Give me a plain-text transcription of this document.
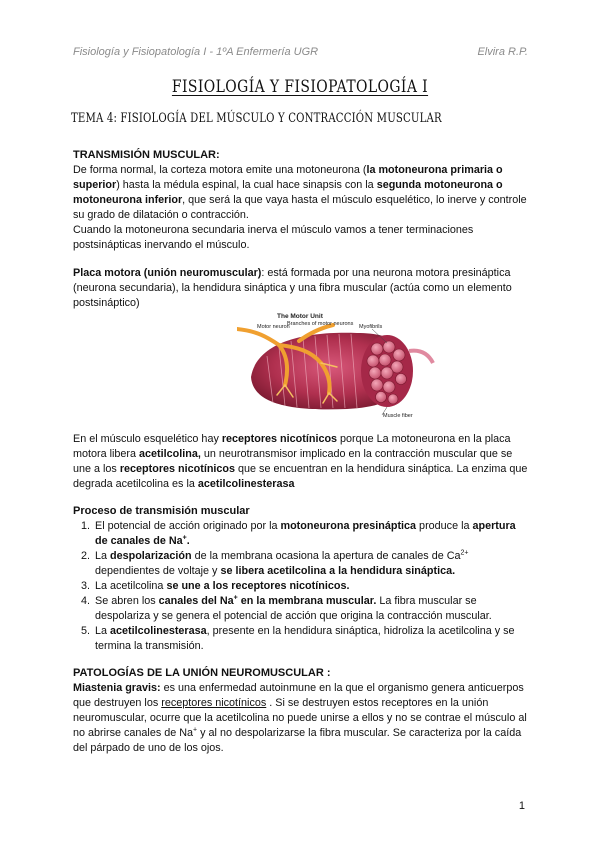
Fisiología y Fisiopatología I - 1ºA Enfermería UGR	Elvira R.P.
FISIOLOGÍA Y FISIOPATOLOGÍA I
TEMA 4: FISIOLOGÍA DEL MÚSCULO Y CONTRACCIÓN MUSCULAR
TRANSMISIÓN MUSCULAR:

De forma normal, la corteza motora emite una motoneurona (la motoneurona primaria o superior) hasta la médula espinal, la cual hace sinapsis con la segunda motoneurona o motoneurona inferior, que será la que vaya hasta el músculo esquelético, lo inerve y controle su grado de dilatación o contracción.

Cuando la motoneurona secundaria inerva el músculo vamos a tener terminaciones postsinápticas inervando el músculo.

Placa motora (unión neuromuscular): está formada por una neurona motora presináptica (neurona secundaria), la hendidura sináptica y una fibra muscular (actúa como un elemento postsináptico)

The Motor Unit
Motor neuron
Branches of motor neurons Myofibrils
Muscle fiber

En el músculo esquelético hay receptores nicotínicos porque La motoneurona en la placa motora libera acetilcolina, un neurotransmisor implicado en la contracción muscular que se une a los receptores nicotínicos que se encuentran en la hendidura sináptica. La enzima que degrada acetilcolina es la acetilcolinesterasa

Proceso de transmisión muscular
1. El potencial de acción originado por la motoneurona presináptica produce la apertura de canales de Na+.
2. La despolarización de la membrana ocasiona la apertura de canales de $Ca^{2+}$ dependientes de voltaje y se libera acetilcolina a la hendidura sináptica.
3. La acetilcolina se une a los receptores nicotínicos.
4. Se abren los canales del Na+ en la membrana muscular. La fibra muscular se despolariza y se genera el potencial de acción que origina la contracción muscular.
5. La acetilcolinesterasa, presente en la hendidura sináptica, hidroliza la acetilcolina y se termina la transmisión.
PATOLOGÍAS DE LA UNIÓN NEUROMUSCULAR :

Miastenia gravis: es una enfermedad autoinmune en la que el organismo genera anticuerpos que destruyen los receptores nicotínicos . Si se destruyen estos receptores en la unión neuromuscular, ocurre que la acetilcolina no puede unirse a ellos y no se contrae el músculo al no abrirse canales de Na+ y al no despolarizarse la fibra muscular. Se caracteriza por la caída del párpado de uno de los ojos.

1
